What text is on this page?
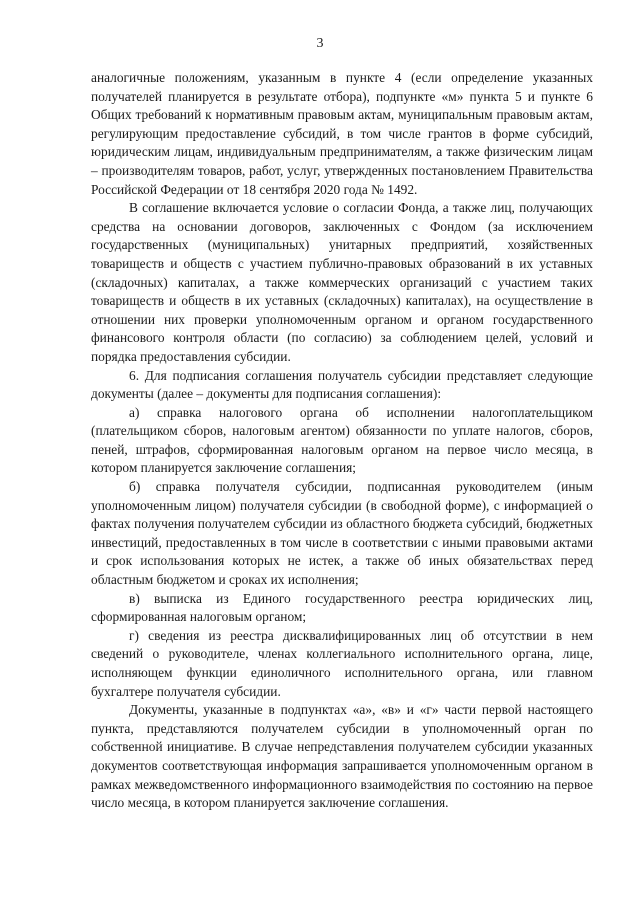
3

аналогичные положениям, указанным в пункте 4 (если определение указанных получателей планируется в результате отбора), подпункте «м» пункта 5 и пункте 6 Общих требований к нормативным правовым актам, муниципальным правовым актам, регулирующим предоставление субсидий, в том числе грантов в форме субсидий, юридическим лицам, индивидуальным предпринимателям, а также физическим лицам – производителям товаров, работ, услуг, утвержденных постановлением Правительства Российской Федерации от 18 сентября 2020 года № 1492.

В соглашение включается условие о согласии Фонда, а также лиц, получающих средства на основании договоров, заключенных с Фондом (за исключением государственных (муниципальных) унитарных предприятий, хозяйственных товариществ и обществ с участием публично-правовых образований в их уставных (складочных) капиталах, а также коммерческих организаций с участием таких товариществ и обществ в их уставных (складочных) капиталах), на осуществление в отношении них проверки уполномоченным органом и органом государственного финансового контроля области (по согласию) за соблюдением целей, условий и порядка предоставления субсидии.

6. Для подписания соглашения получатель субсидии представляет следующие документы (далее – документы для подписания соглашения):

а) справка налогового органа об исполнении налогоплательщиком (плательщиком сборов, налоговым агентом) обязанности по уплате налогов, сборов, пеней, штрафов, сформированная налоговым органом на первое число месяца, в котором планируется заключение соглашения;

б) справка получателя субсидии, подписанная руководителем (иным уполномоченным лицом) получателя субсидии (в свободной форме), с информацией о фактах получения получателем субсидии из областного бюджета субсидий, бюджетных инвестиций, предоставленных в том числе в соответствии с иными правовыми актами и срок использования которых не истек, а также об иных обязательствах перед областным бюджетом и сроках их исполнения;

в) выписка из Единого государственного реестра юридических лиц, сформированная налоговым органом;

г) сведения из реестра дисквалифицированных лиц об отсутствии в нем сведений о руководителе, членах коллегиального исполнительного органа, лице, исполняющем функции единоличного исполнительного органа, или главном бухгалтере получателя субсидии.

Документы, указанные в подпунктах «а», «в» и «г» части первой настоящего пункта, представляются получателем субсидии в уполномоченный орган по собственной инициативе. В случае непредставления получателем субсидии указанных документов соответствующая информация запрашивается уполномоченным органом в рамках межведомственного информационного взаимодействия по состоянию на первое число месяца, в котором планируется заключение соглашения.
